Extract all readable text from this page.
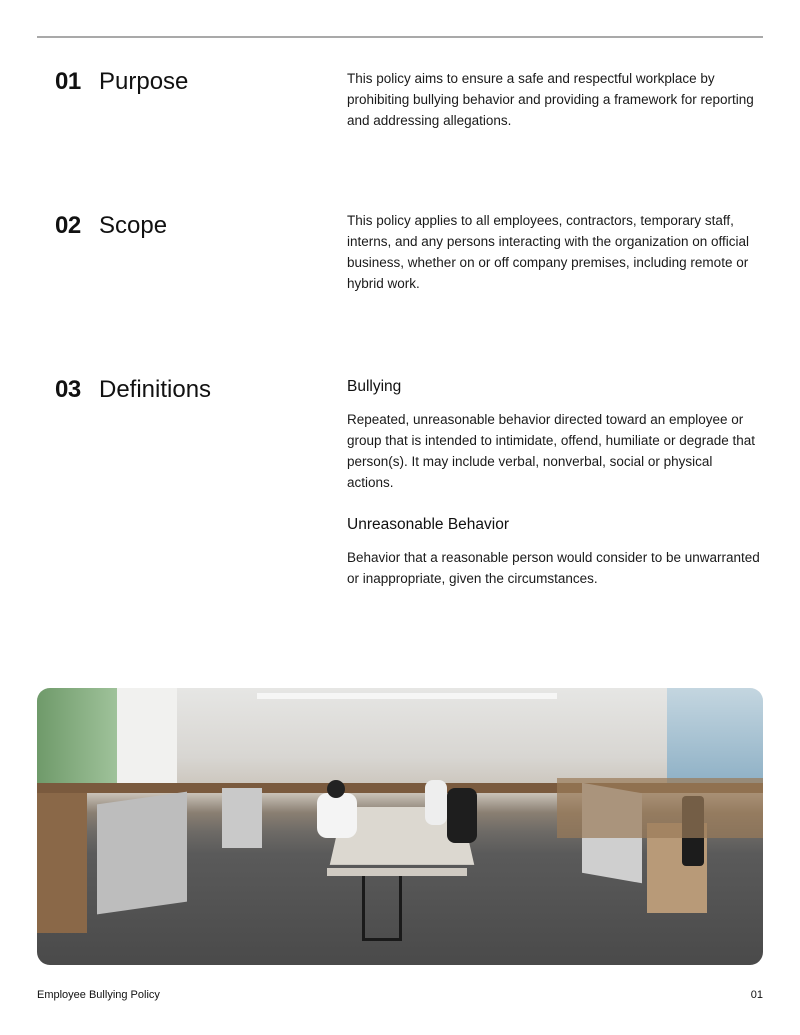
01 Purpose	This policy aims to ensure a safe and respectful workplace by prohibiting bullying behavior and providing a framework for reporting and addressing allegations.
02 Scope	This policy applies to all employees, contractors, temporary staff, interns, and any persons interacting with the organization on official business, whether on or off company premises, including remote or hybrid work.
03 Definitions	Bullying
Repeated, unreasonable behavior directed toward an employee or group that is intended to intimidate, offend, humiliate or degrade that person(s). It may include verbal, nonverbal, social or physical actions.
Unreasonable Behavior
Behavior that a reasonable person would consider to be unwarranted or inappropriate, given the circumstances.
Employee Bullying Policy	01
